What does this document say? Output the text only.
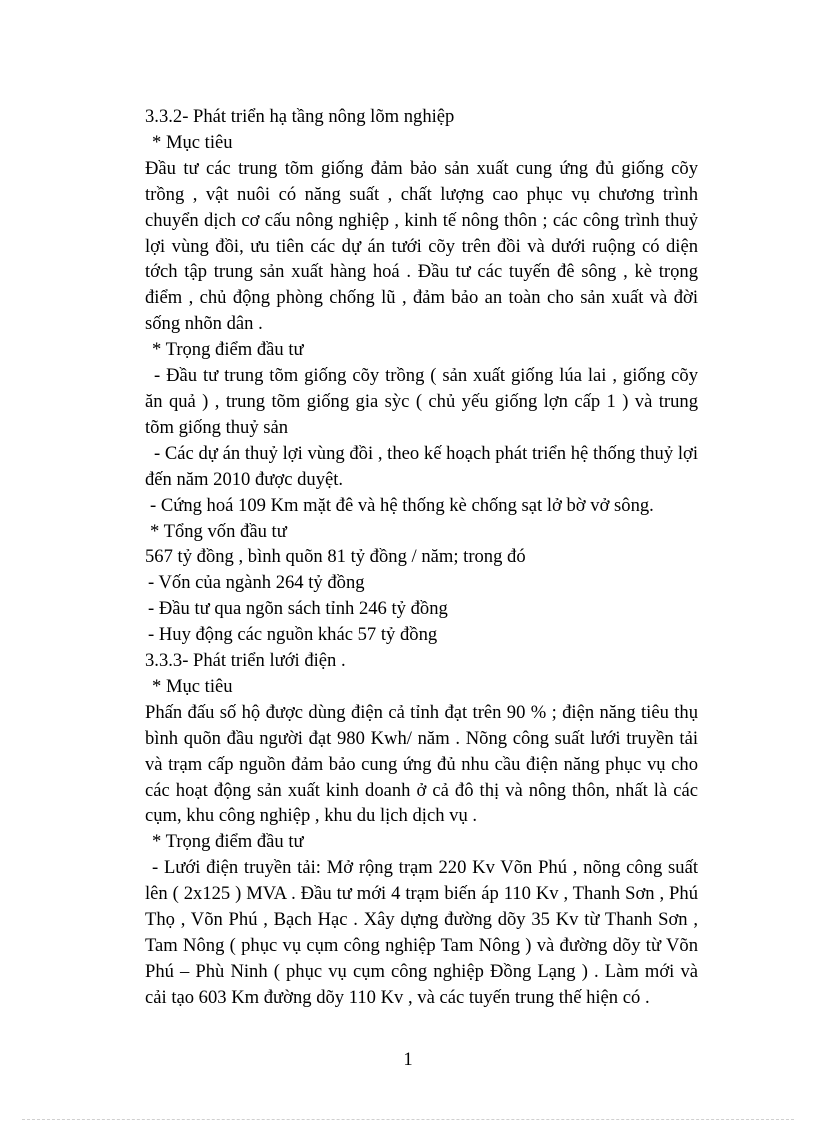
3.3.2- Phát triển hạ tầng nông lõm nghiệp

* Mục tiêu

Đầu tư các trung tõm giống đảm bảo sản xuất cung ứng đủ giống cõy trồng , vật nuôi có năng suất , chất lượng cao phục vụ chương trình chuyển dịch cơ cấu nông nghiệp , kinh tế nông thôn ; các công trình thuỷ lợi vùng đồi, ưu tiên các dự án tưới cõy trên đồi và dưới ruộng có diện tớch tập trung sản xuất hàng hoá . Đầu tư các tuyến đê sông , kè trọng điểm , chủ động phòng chống lũ , đảm bảo an toàn cho sản xuất và đời sống nhõn dân .

* Trọng điểm đầu tư

- Đầu tư trung tõm giống cõy trồng ( sản xuất giống lúa lai , giống cõy ăn quả ) , trung tõm giống gia sỳc ( chủ yếu giống lợn cấp 1 ) và trung tõm giống thuỷ sản

- Các dự án thuỷ lợi vùng đồi , theo kế hoạch phát triển hệ thống thuỷ lợi đến năm 2010 được duyệt.

- Cứng hoá 109 Km mặt đê và hệ thống kè chống sạt lở bờ vở sông.

* Tổng vốn đầu tư

567 tỷ đồng , bình quõn 81 tỷ đồng / năm; trong đó

- Vốn của ngành 264 tỷ đồng

- Đầu tư qua ngõn sách tỉnh 246 tỷ đồng

- Huy động các nguồn khác 57 tỷ đồng

3.3.3- Phát triển lưới điện .

* Mục tiêu

Phấn đấu số hộ được dùng điện cả tỉnh đạt trên 90 % ; điện năng tiêu thụ bình quõn đầu người đạt 980 Kwh/ năm . Nõng công suất lưới truyền tải và trạm cấp nguồn đảm bảo cung ứng đủ nhu cầu điện năng phục vụ cho các hoạt động sản xuất kinh doanh ở cả đô thị và nông thôn, nhất là các cụm, khu công nghiệp , khu du lịch dịch vụ .

* Trọng điểm đầu tư

- Lưới điện truyền tải: Mở rộng trạm 220 Kv Võn Phú , nõng công suất lên ( 2x125 ) MVA . Đầu tư mới 4 trạm biến áp 110 Kv , Thanh Sơn , Phú Thọ , Võn Phú , Bạch Hạc . Xây dựng đường dõy 35 Kv từ Thanh Sơn , Tam Nông ( phục vụ cụm công nghiệp Tam Nông ) và đường dõy từ Võn Phú – Phù Ninh ( phục vụ cụm công nghiệp Đồng Lạng ) . Làm mới và cải tạo 603 Km đường dõy 110 Kv , và các tuyến trung thế hiện có .

1
